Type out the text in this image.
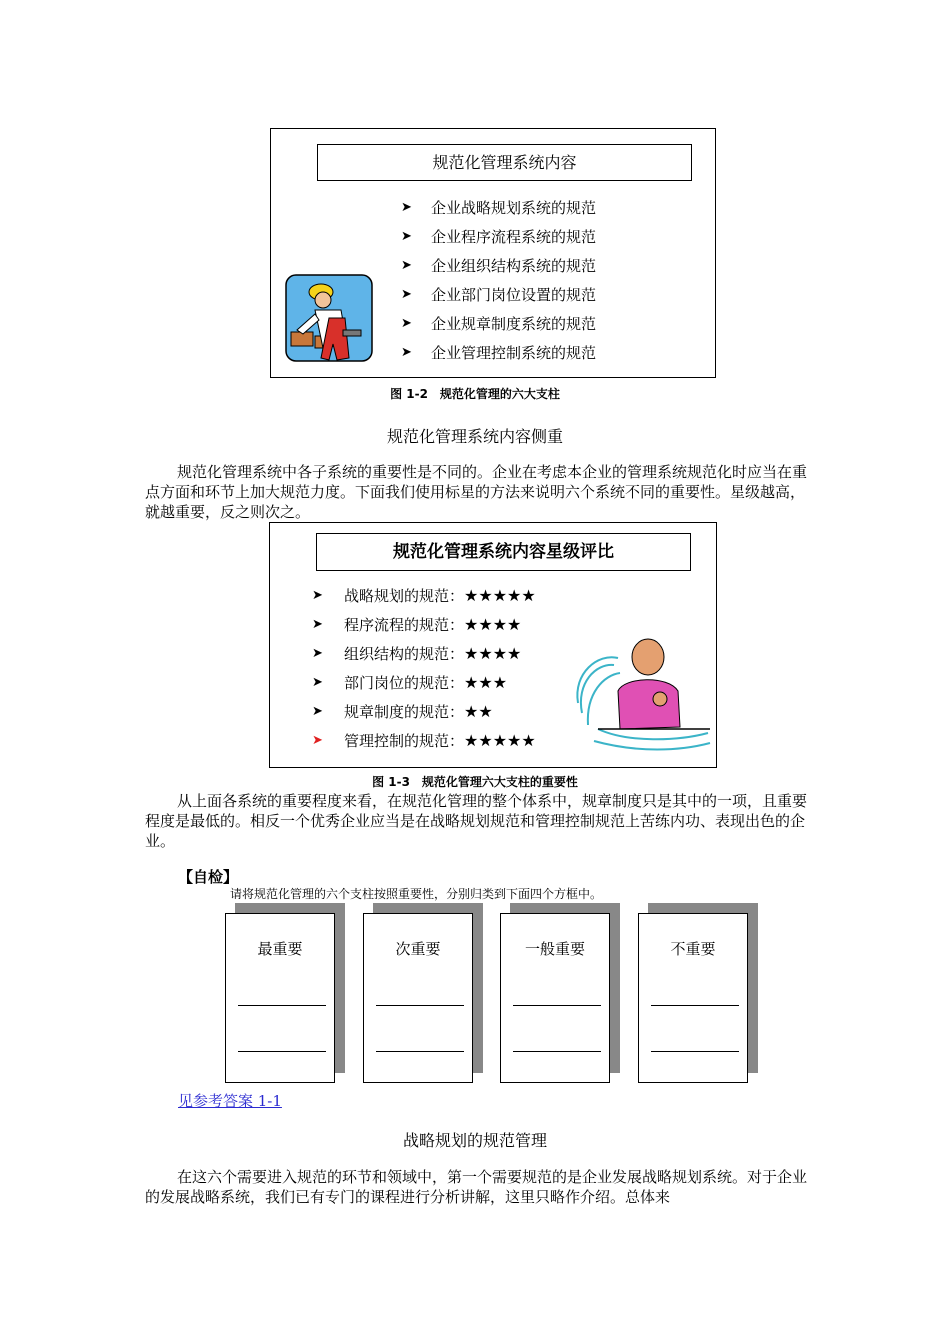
规范化管理系统内容
➤	企业战略规划系统的规范
➤	企业程序流程系统的规范
➤	企业组织结构系统的规范
➤	企业部门岗位设置的规范
➤	企业规章制度系统的规范
➤	企业管理控制系统的规范
图 1-2　规范化管理的六大支柱
规范化管理系统内容侧重

规范化管理系统中各子系统的重要性是不同的。企业在考虑本企业的管理系统规范化时应当在重点方面和环节上加大规范力度。下面我们使用标星的方法来说明六个系统不同的重要性。星级越高，就越重要，反之则次之。

规范化管理系统内容星级评比
➤	战略规划的规范： ★★★★★
➤	程序流程的规范： ★★★★
➤	组织结构的规范： ★★★★
➤	部门岗位的规范： ★★★
➤	规章制度的规范： ★★
➤	管理控制的规范： ★★★★★
图 1-3　规范化管理六大支柱的重要性

从上面各系统的重要程度来看，在规范化管理的整个体系中，规章制度只是其中的一项，且重要程度是最低的。相反一个优秀企业应当是在战略规划规范和管理控制规范上苦练内功、表现出色的企业。

【自检】
请将规范化管理的六个支柱按照重要性，分别归类到下面四个方框中。
最重要	次重要	一般重要	不重要
见参考答案 1-1
战略规划的规范管理

在这六个需要进入规范的环节和领域中，第一个需要规范的是企业发展战略规划系统。对于企业的发展战略系统，我们已有专门的课程进行分析讲解，这里只略作介绍。总体来
